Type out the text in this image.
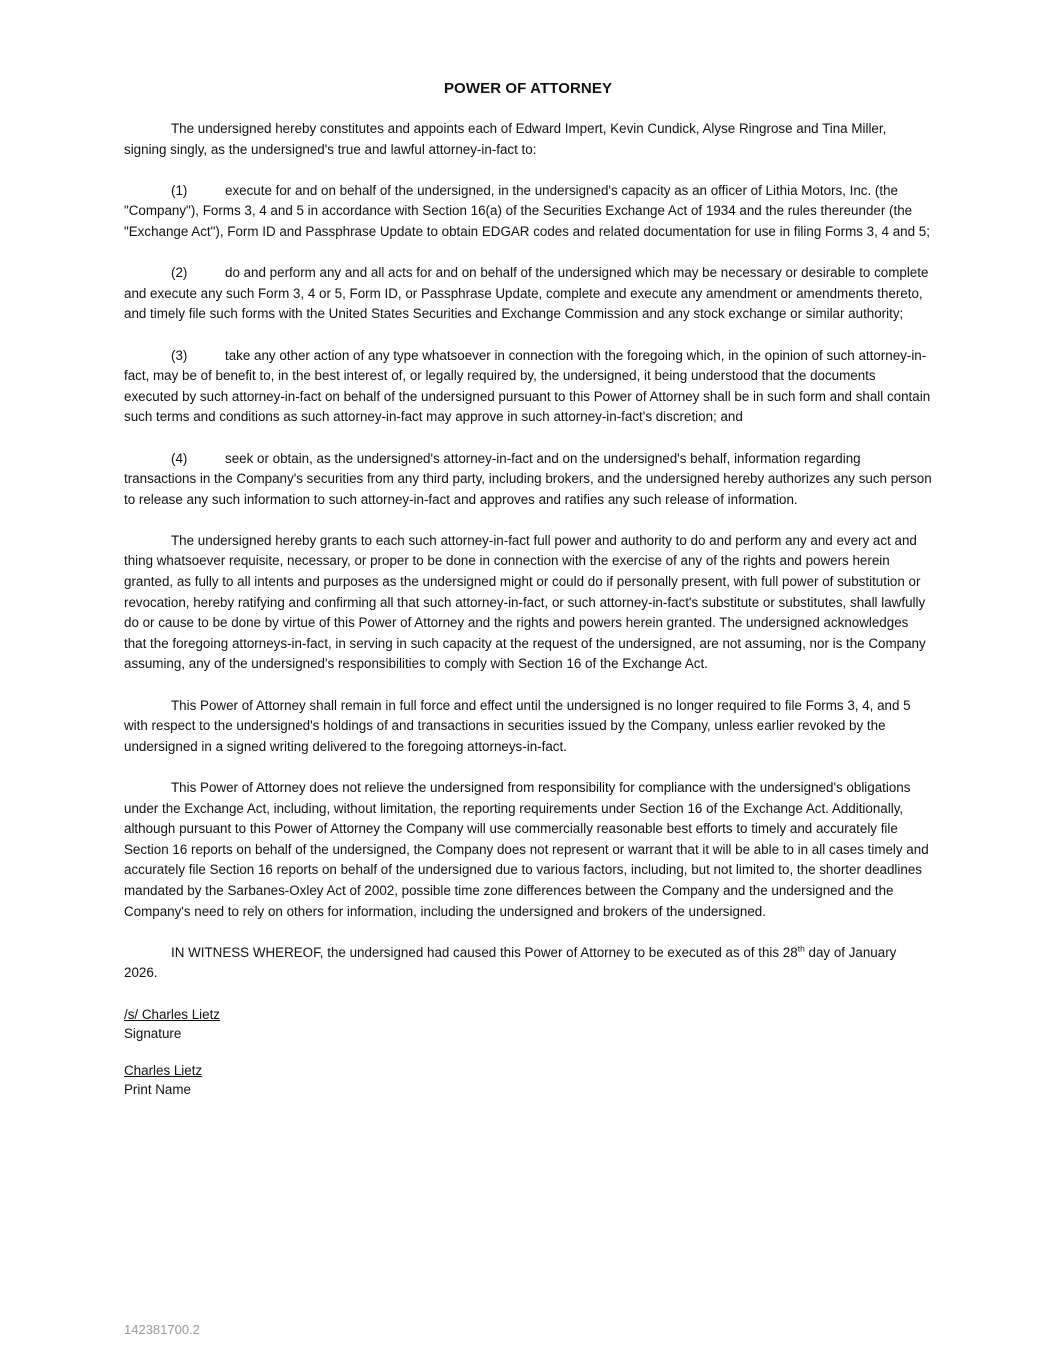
POWER OF ATTORNEY

The undersigned hereby constitutes and appoints each of Edward Impert, Kevin Cundick, Alyse Ringrose and Tina Miller, signing singly, as the undersigned's true and lawful attorney-in-fact to:

(1)	execute for and on behalf of the undersigned, in the undersigned's capacity as an officer of Lithia Motors, Inc. (the "Company"), Forms 3, 4 and 5 in accordance with Section 16(a) of the Securities Exchange Act of 1934 and the rules thereunder (the "Exchange Act"), Form ID and Passphrase Update to obtain EDGAR codes and related documentation for use in filing Forms 3, 4 and 5;

(2)	do and perform any and all acts for and on behalf of the undersigned which may be necessary or desirable to complete and execute any such Form 3, 4 or 5, Form ID, or Passphrase Update, complete and execute any amendment or amendments thereto, and timely file such forms with the United States Securities and Exchange Commission and any stock exchange or similar authority;

(3)	take any other action of any type whatsoever in connection with the foregoing which, in the opinion of such attorney-in-fact, may be of benefit to, in the best interest of, or legally required by, the undersigned, it being understood that the documents executed by such attorney-in-fact on behalf of the undersigned pursuant to this Power of Attorney shall be in such form and shall contain such terms and conditions as such attorney-in-fact may approve in such attorney-in-fact's discretion; and

(4)	seek or obtain, as the undersigned's attorney-in-fact and on the undersigned's behalf, information regarding transactions in the Company's securities from any third party, including brokers, and the undersigned hereby authorizes any such person to release any such information to such attorney-in-fact and approves and ratifies any such release of information.

The undersigned hereby grants to each such attorney-in-fact full power and authority to do and perform any and every act and thing whatsoever requisite, necessary, or proper to be done in connection with the exercise of any of the rights and powers herein granted, as fully to all intents and purposes as the undersigned might or could do if personally present, with full power of substitution or revocation, hereby ratifying and confirming all that such attorney-in-fact, or such attorney-in-fact's substitute or substitutes, shall lawfully do or cause to be done by virtue of this Power of Attorney and the rights and powers herein granted. The undersigned acknowledges that the foregoing attorneys-in-fact, in serving in such capacity at the request of the undersigned, are not assuming, nor is the Company assuming, any of the undersigned's responsibilities to comply with Section 16 of the Exchange Act.

This Power of Attorney shall remain in full force and effect until the undersigned is no longer required to file Forms 3, 4, and 5 with respect to the undersigned's holdings of and transactions in securities issued by the Company, unless earlier revoked by the undersigned in a signed writing delivered to the foregoing attorneys-in-fact.

This Power of Attorney does not relieve the undersigned from responsibility for compliance with the undersigned's obligations under the Exchange Act, including, without limitation, the reporting requirements under Section 16 of the Exchange Act. Additionally, although pursuant to this Power of Attorney the Company will use commercially reasonable best efforts to timely and accurately file Section 16 reports on behalf of the undersigned, the Company does not represent or warrant that it will be able to in all cases timely and accurately file Section 16 reports on behalf of the undersigned due to various factors, including, but not limited to, the shorter deadlines mandated by the Sarbanes-Oxley Act of 2002, possible time zone differences between the Company and the undersigned and the Company's need to rely on others for information, including the undersigned and brokers of the undersigned.

IN WITNESS WHEREOF, the undersigned had caused this Power of Attorney to be executed as of this 28th day of January 2026.

/s/ Charles Lietz
Signature
Charles Lietz
Print Name
142381700.2
